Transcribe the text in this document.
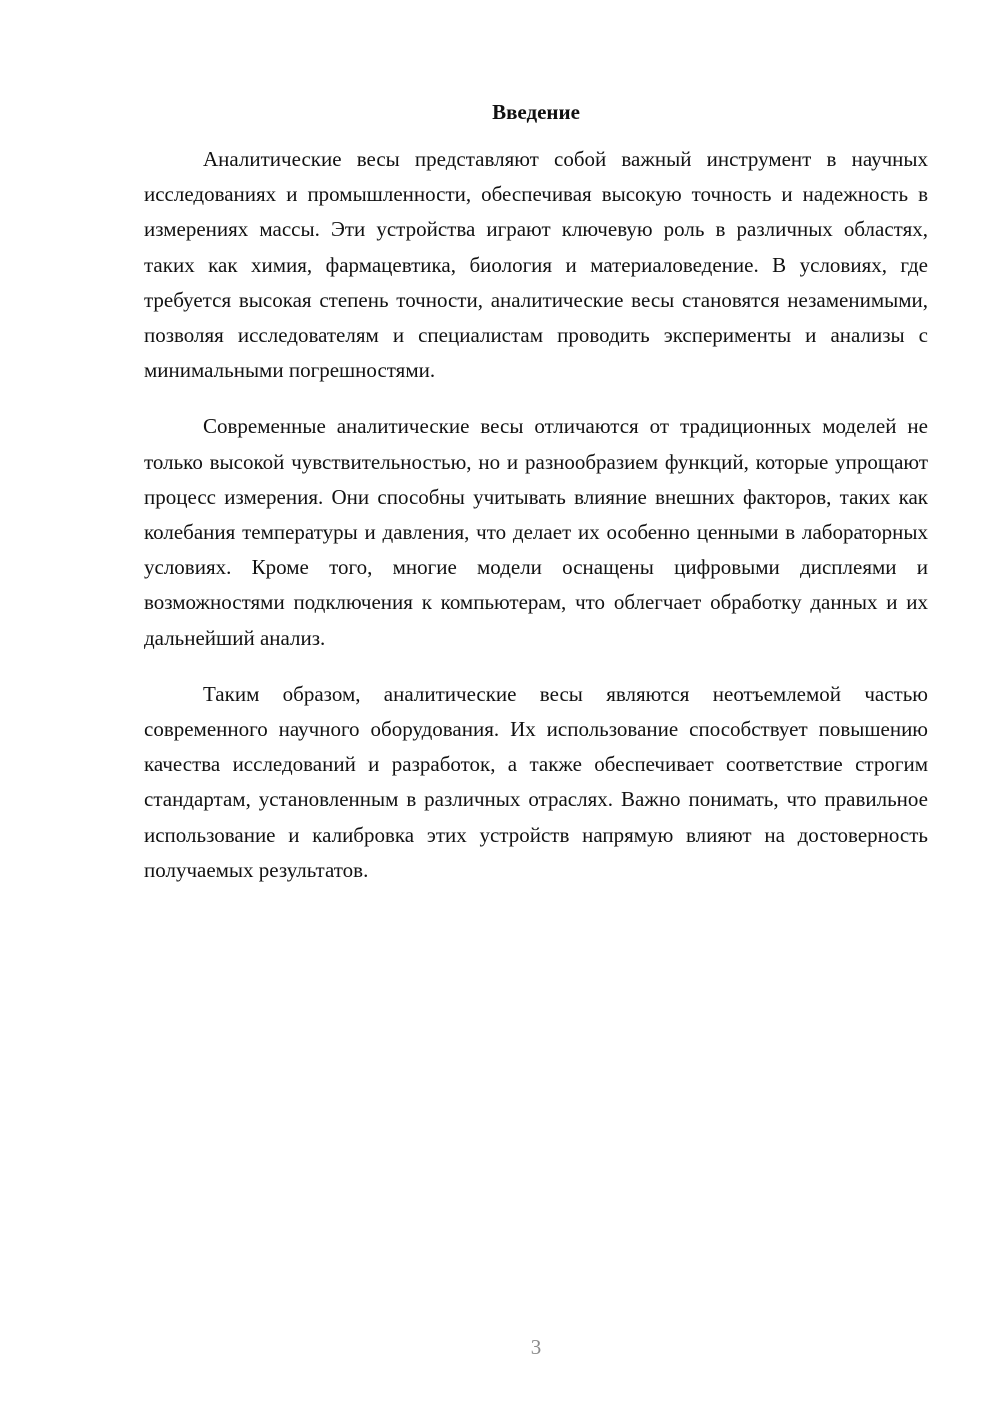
Введение

Аналитические весы представляют собой важный инструмент в научных исследованиях и промышленности, обеспечивая высокую точность и надежность в измерениях массы. Эти устройства играют ключевую роль в различных областях, таких как химия, фармацевтика, биология и материаловедение. В условиях, где требуется высокая степень точности, аналитические весы становятся незаменимыми, позволяя исследователям и специалистам проводить эксперименты и анализы с минимальными погрешностями.

Современные аналитические весы отличаются от традиционных моделей не только высокой чувствительностью, но и разнообразием функций, которые упрощают процесс измерения. Они способны учитывать влияние внешних факторов, таких как колебания температуры и давления, что делает их особенно ценными в лабораторных условиях. Кроме того, многие модели оснащены цифровыми дисплеями и возможностями подключения к компьютерам, что облегчает обработку данных и их дальнейший анализ.

Таким образом, аналитические весы являются неотъемлемой частью современного научного оборудования. Их использование способствует повышению качества исследований и разработок, а также обеспечивает соответствие строгим стандартам, установленным в различных отраслях. Важно понимать, что правильное использование и калибровка этих устройств напрямую влияют на достоверность получаемых результатов.

3
